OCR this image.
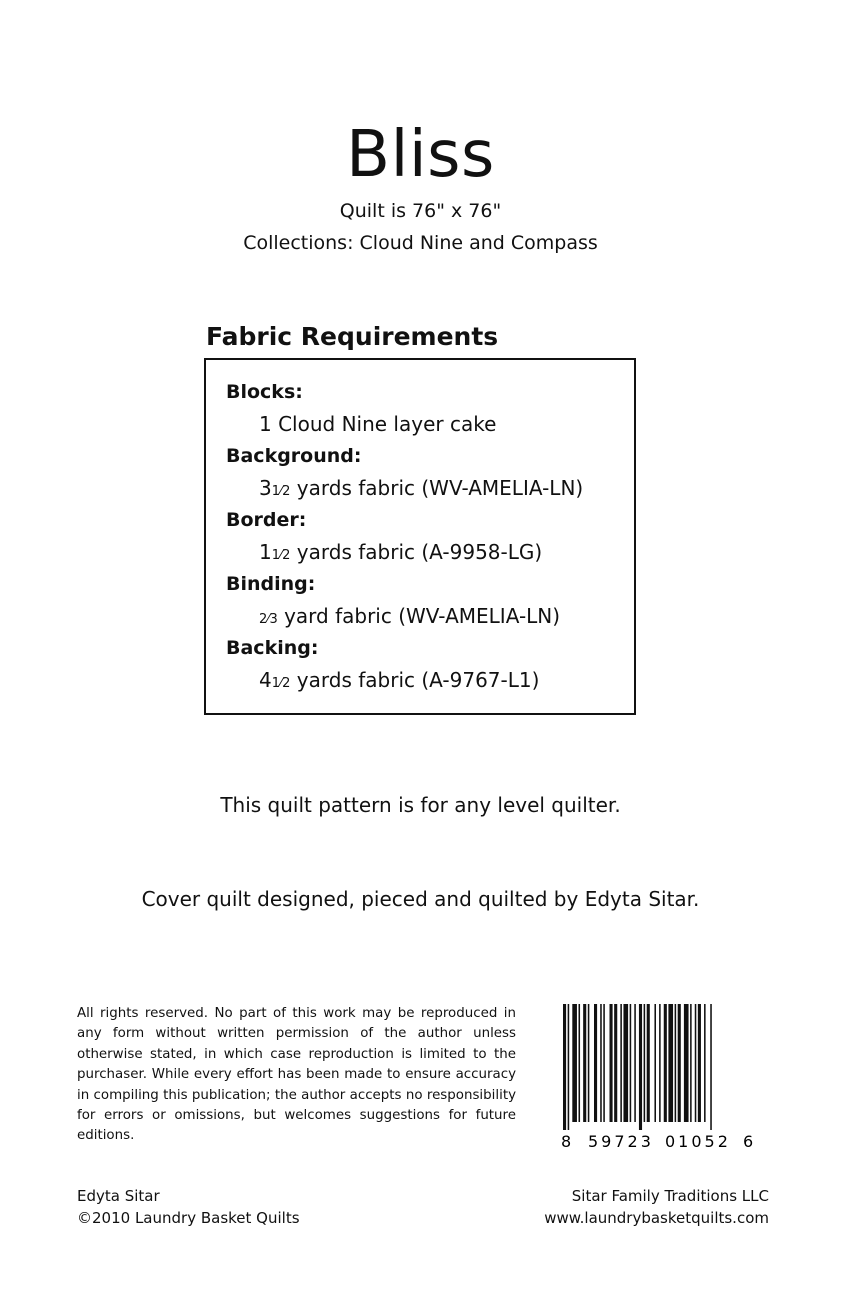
Bliss
Quilt is 76" x 76"
Collections: Cloud Nine and Compass
Fabric Requirements
Blocks:
1 Cloud Nine layer cake
Background:
31⁄2 yards fabric (WV-AMELIA-LN)
Border:
11⁄2 yards fabric (A-9958-LG)
Binding:
2⁄3 yard fabric (WV-AMELIA-LN)
Backing:
41⁄2 yards fabric (A-9767-L1)
This quilt pattern is for any level quilter.
Cover quilt designed, pieced and quilted by Edyta Sitar.
All rights reserved. No part of this work may be reproduced in any form without written permission of the author unless otherwise stated, in which case reproduction is limited to the purchaser. While every effort has been made to ensure accuracy in compiling this publication; the author accepts no responsibility for errors or omissions, but welcomes suggestions for future editions.	8 59723 01052 6
Edyta Sitar
©2010 Laundry Basket Quilts
Sitar Family Traditions LLC
www.laundrybasketquilts.com
